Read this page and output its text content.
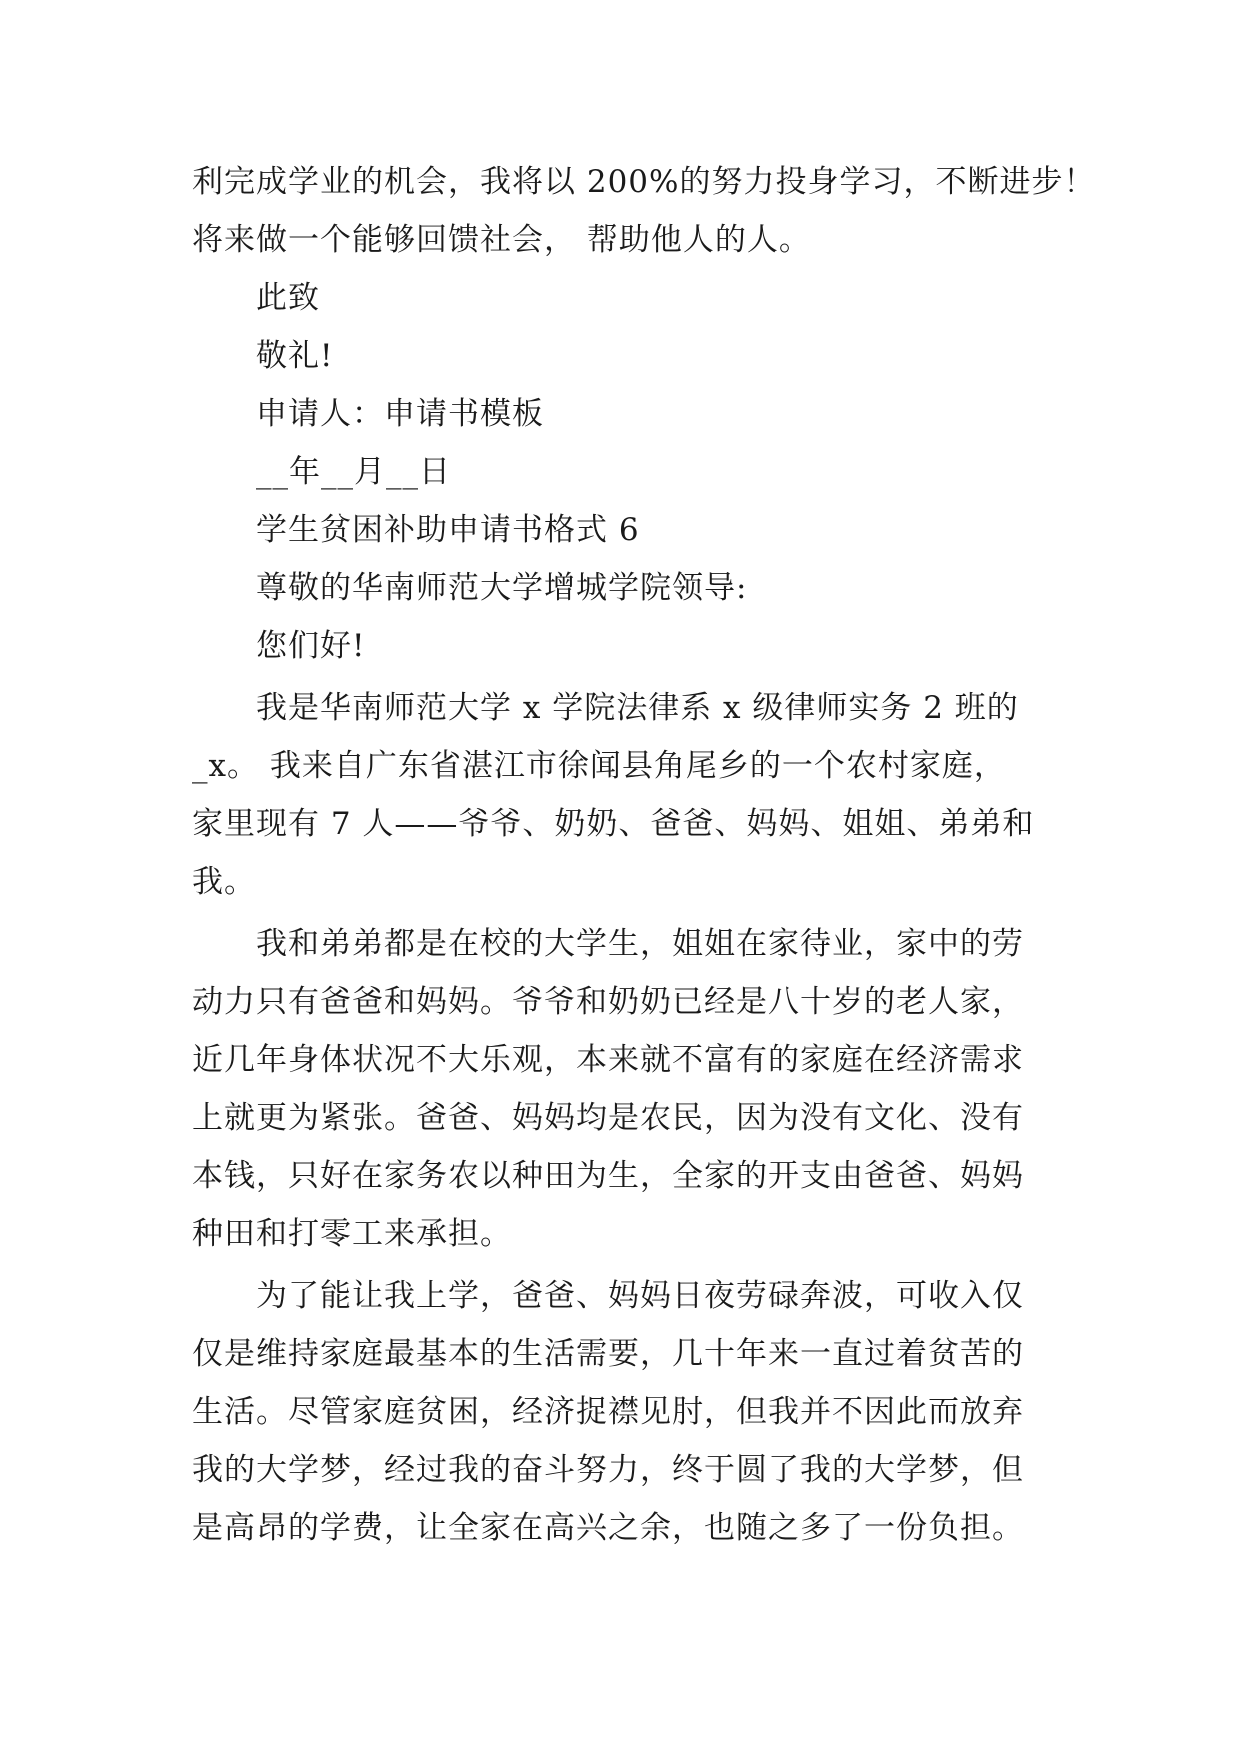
利完成学业的机会，我将以 200%的努力投身学习，不断进步！
将来做一个能够回馈社会， 帮助他人的人。
此致
敬礼!
申请人：申请书模板
__年__月__日
学生贫困补助申请书格式 6
尊敬的华南师范大学增城学院领导:
您们好!
我是华南师范大学 x 学院法律系 x 级律师实务 2 班的
_x。 我来自广东省湛江市徐闻县角尾乡的一个农村家庭，
家里现有 7 人——爷爷、奶奶、爸爸、妈妈、姐姐、弟弟和
我。
我和弟弟都是在校的大学生，姐姐在家待业，家中的劳
动力只有爸爸和妈妈。爷爷和奶奶已经是八十岁的老人家，
近几年身体状况不大乐观，本来就不富有的家庭在经济需求
上就更为紧张。爸爸、妈妈均是农民，因为没有文化、没有
本钱，只好在家务农以种田为生，全家的开支由爸爸、妈妈
种田和打零工来承担。
为了能让我上学，爸爸、妈妈日夜劳碌奔波，可收入仅
仅是维持家庭最基本的生活需要，几十年来一直过着贫苦的
生活。尽管家庭贫困，经济捉襟见肘，但我并不因此而放弃
我的大学梦，经过我的奋斗努力，终于圆了我的大学梦，但
是高昂的学费，让全家在高兴之余，也随之多了一份负担。
